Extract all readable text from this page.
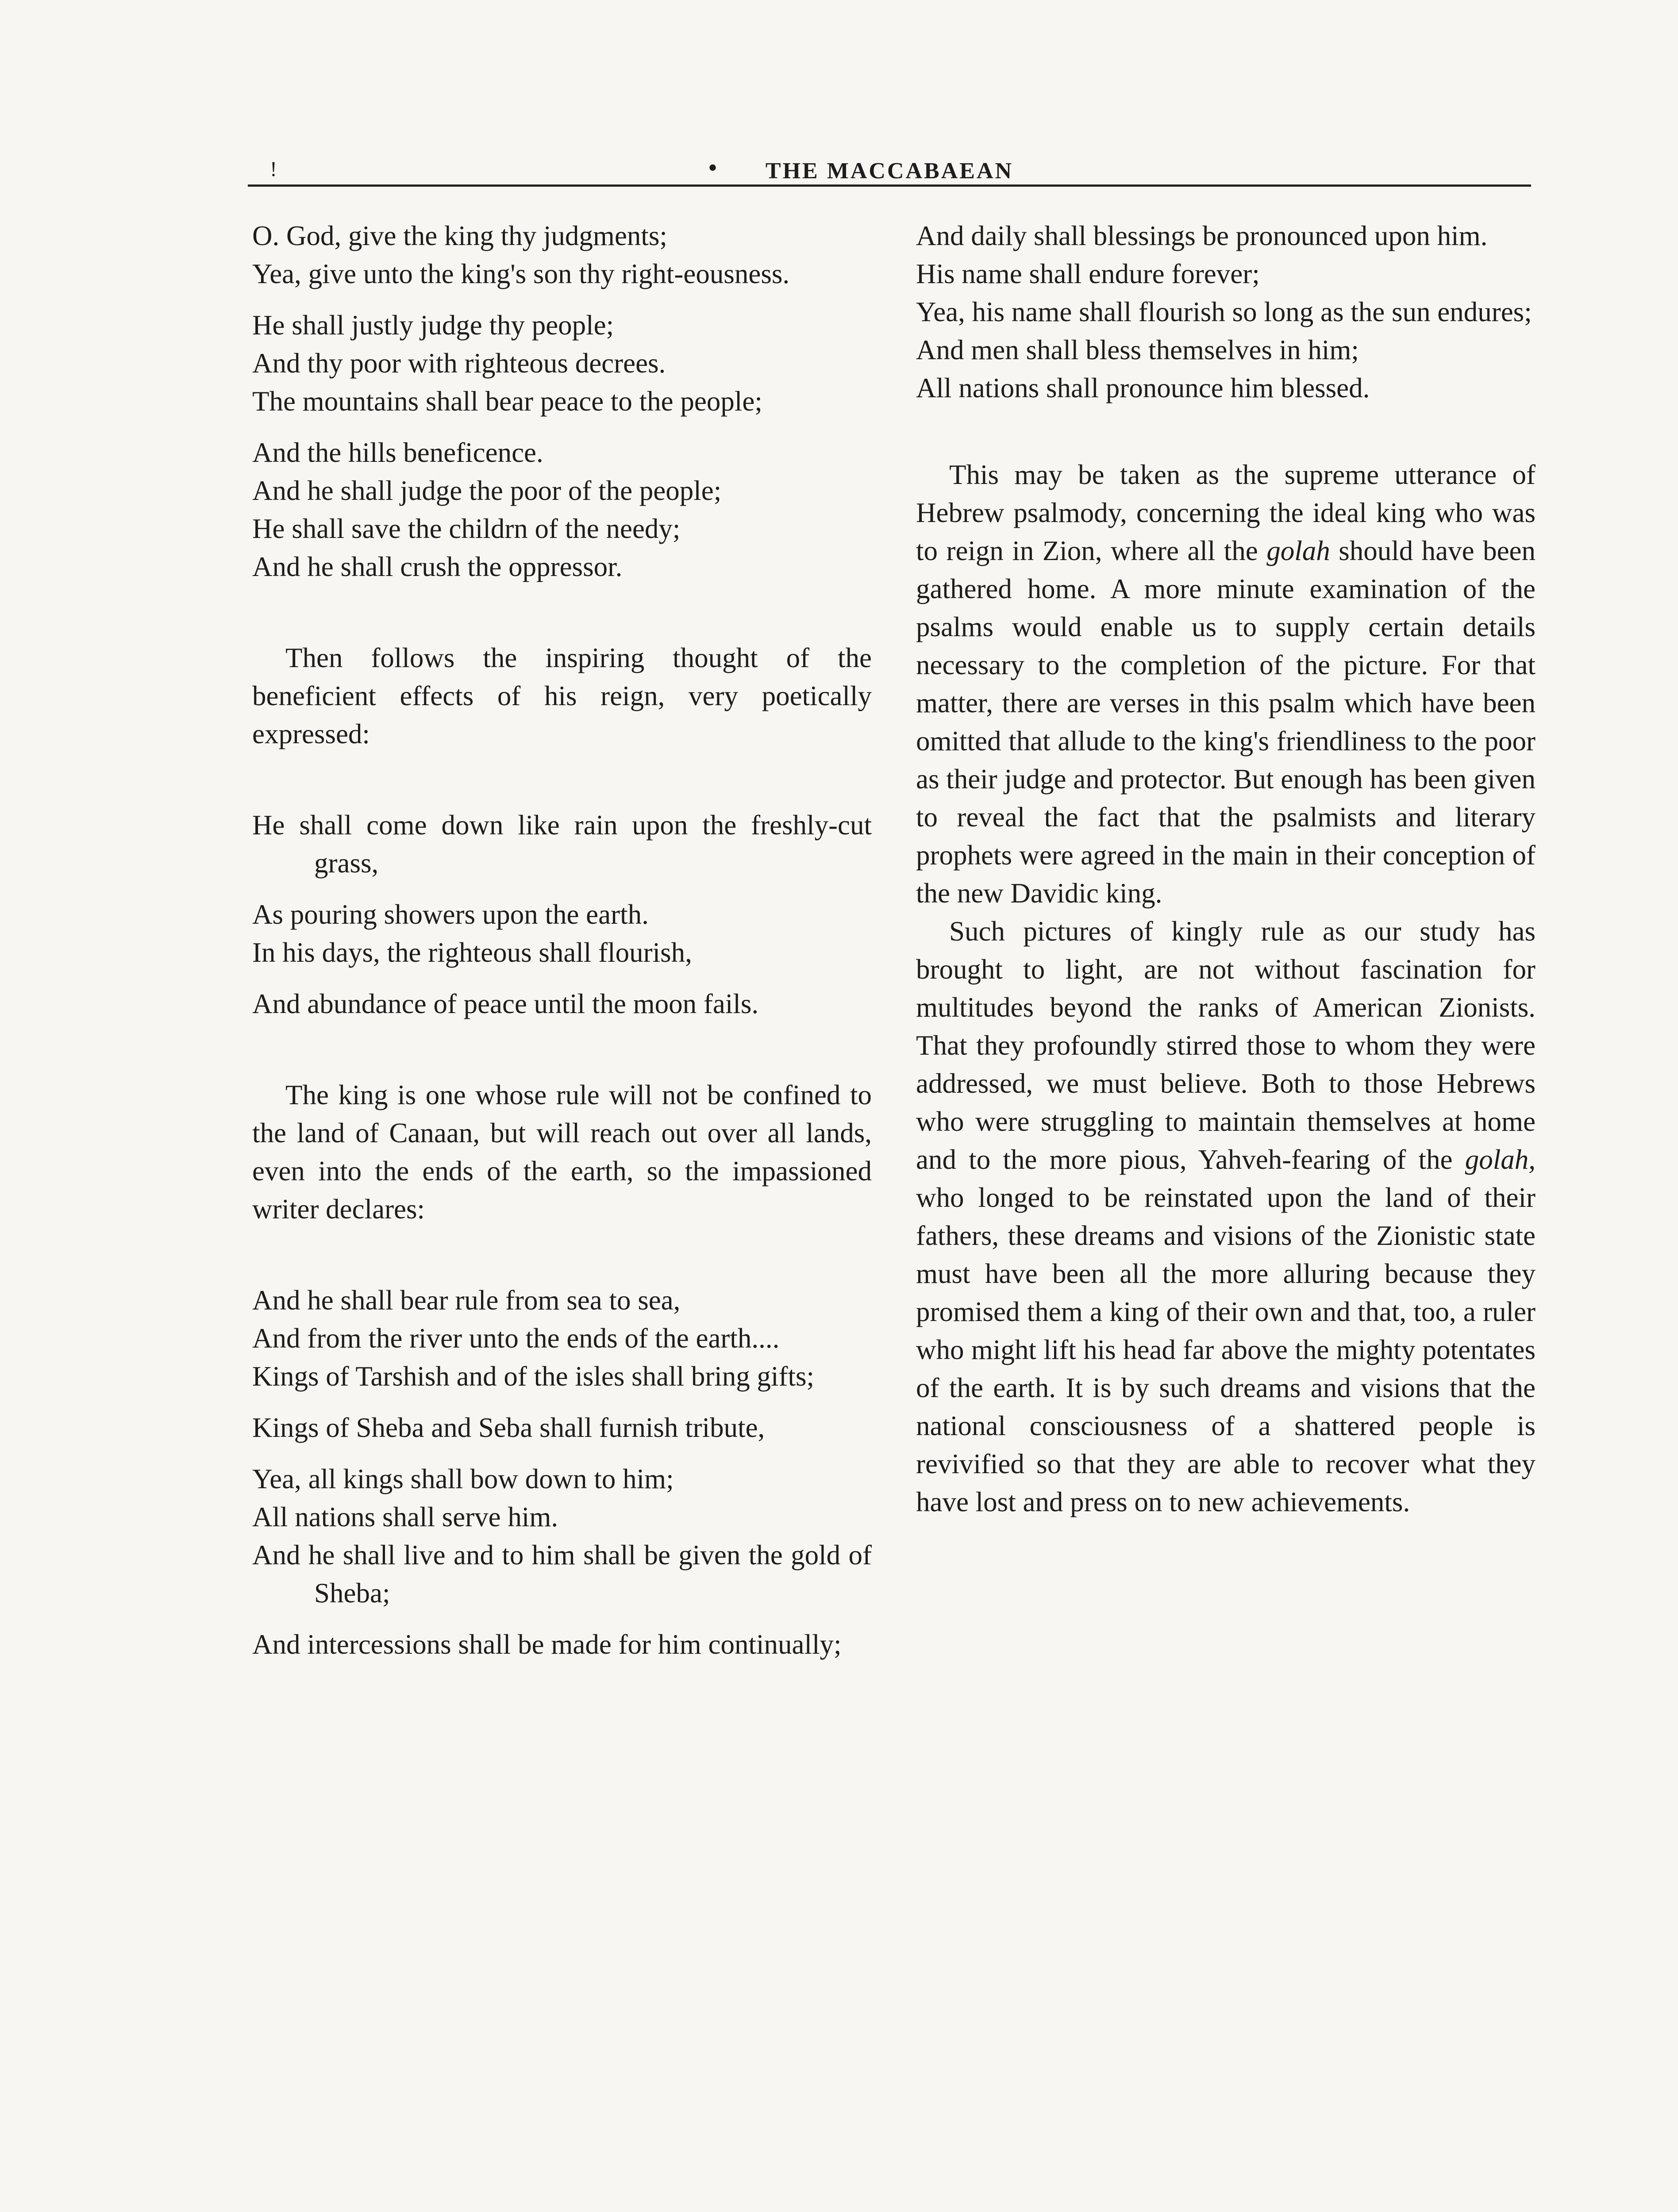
!	•	THE MACCABAEAN
O. God, give the king thy judgments;
Yea, give unto the king's son thy right-eousness.
He shall justly judge thy people;
And thy poor with righteous decrees.
The mountains shall bear peace to the people;
And the hills beneficence.
And he shall judge the poor of the people;
He shall save the childrn of the needy;
And he shall crush the oppressor.

Then follows the inspiring thought of the beneficient effects of his reign, very poetically expressed:

He shall come down like rain upon the freshly-cut grass,
As pouring showers upon the earth.
In his days, the righteous shall flourish,
And abundance of peace until the moon fails.

The king is one whose rule will not be confined to the land of Canaan, but will reach out over all lands, even into the ends of the earth, so the impassioned writer declares:

And he shall bear rule from sea to sea,
And from the river unto the ends of the earth....
Kings of Tarshish and of the isles shall bring gifts;
Kings of Sheba and Seba shall furnish tribute,
Yea, all kings shall bow down to him;
All nations shall serve him.
And he shall live and to him shall be given the gold of Sheba;
And intercessions shall be made for him continually;
And daily shall blessings be pronounced upon him.
His name shall endure forever;
Yea, his name shall flourish so long as the sun endures;
And men shall bless themselves in him;
All nations shall pronounce him blessed.

This may be taken as the supreme utterance of Hebrew psalmody, concerning the ideal king who was to reign in Zion, where all the golah should have been gathered home. A more minute examination of the psalms would enable us to supply certain details necessary to the completion of the picture. For that matter, there are verses in this psalm which have been omitted that allude to the king's friendliness to the poor as their judge and protector. But enough has been given to reveal the fact that the psalmists and literary prophets were agreed in the main in their conception of the new Davidic king.

Such pictures of kingly rule as our study has brought to light, are not without fascination for multitudes beyond the ranks of American Zionists. That they profoundly stirred those to whom they were addressed, we must believe. Both to those Hebrews who were struggling to maintain themselves at home and to the more pious, Yahveh-fearing of the golah, who longed to be reinstated upon the land of their fathers, these dreams and visions of the Zionistic state must have been all the more alluring because they promised them a king of their own and that, too, a ruler who might lift his head far above the mighty potentates of the earth. It is by such dreams and visions that the national consciousness of a shattered people is revivified so that they are able to recover what they have lost and press on to new achievements.
